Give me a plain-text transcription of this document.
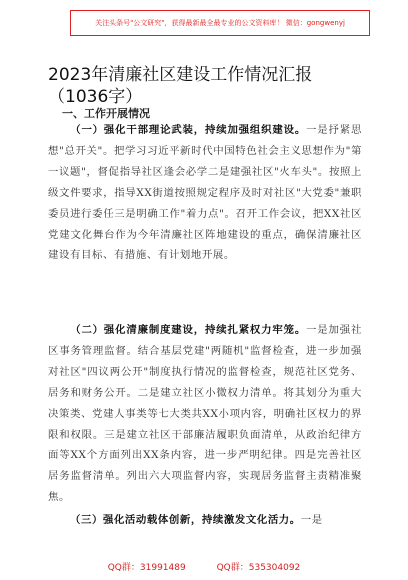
关注头条号"公文研究"，获得最新最全最专业的公文资料库！ 微信：gongwenyj
2023年清廉社区建设工作情况汇报（1036字）
一、工作开展情况

  （一）强化干部理论武装，持续加强组织建设。一是抒紧思想"总开关"。把学习习近平新时代中国特色社会主义思想作为"第一议题"，督促指导社区逢会必学二是建强社区"火车头"。按照上级文件要求，指导XX街道按照规定程序及时对社区"大党委"兼职委员进行委任三是明确工作"着力点"。召开工作会议，把XX社区党建文化舞台作为今年清廉社区阵地建设的重点，确保清廉社区建设有目标、有措施、有计划地开展。

  （二）强化清廉制度建设，持续扎紧权力牢笼。一是加强社区事务管理监督。结合基层党建"两随机"监督检查，进一步加强对社区"四议两公开"制度执行情况的监督检查，规范社区党务、居务和财务公开。二是建立社区小微权力清单。将其划分为重大决策类、党建人事类等七大类共XX小项内容，明确社区权力的界限和权限。三是建立社区干部廉洁履职负面清单，从政治纪律方面等XX个方面列出XX条内容，进一步严明纪律。四是完善社区居务监督清单。列出六大项监督内容，实现居务监督主责精准聚焦。

  （三）强化活动载体创新，持续激发文化活力。一是

QQ群：31991489	QQ群：535304092
